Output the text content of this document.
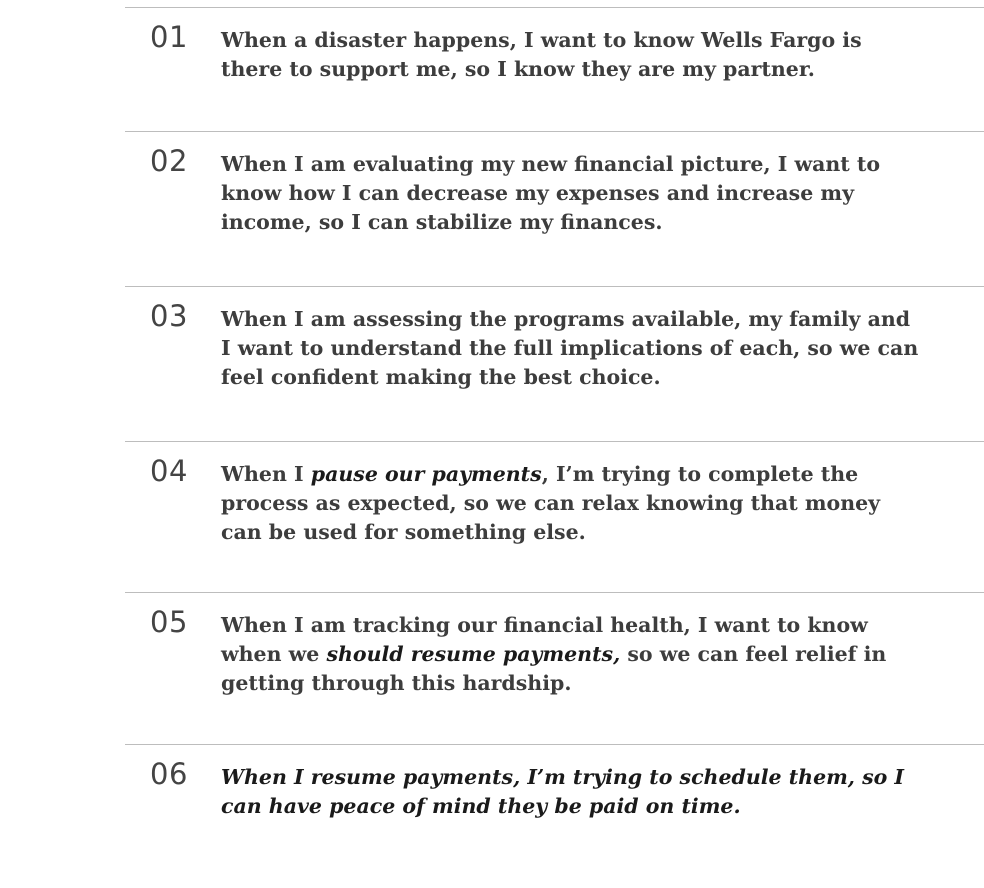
01 When a disaster happens, I want to know Wells Fargo is there to support me, so I know they are my partner.

02 When I am evaluating my new financial picture, I want to know how I can decrease my expenses and increase my income, so I can stabilize my finances.

03 When I am assessing the programs available, my family and I want to understand the full implications of each, so we can feel confident making the best choice.

04 When I pause our payments, I’m trying to complete the process as expected, so we can relax knowing that money can be used for something else.

05 When I am tracking our financial health, I want to know when we should resume payments, so we can feel relief in getting through this hardship.

06 When I resume payments, I’m trying to schedule them, so I can have peace of mind they be paid on time.
